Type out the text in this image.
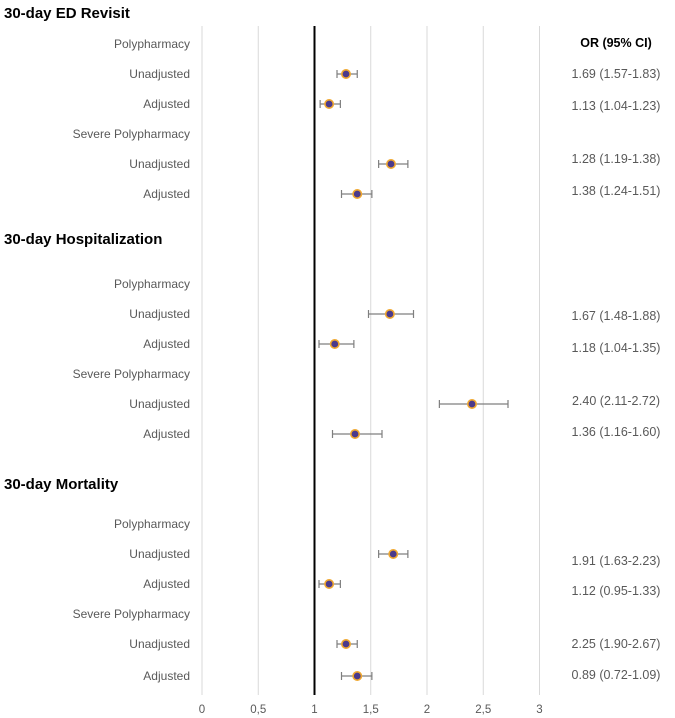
0	0,5	1	1,5	2	2,5	3
OR (95% CI)
30-day ED Revisit
Polypharmacy
Unadjusted	1.69 (1.57-1.83)
Adjusted	1.13 (1.04-1.23)
Severe Polypharmacy
Unadjusted	1.28 (1.19-1.38)
Adjusted	1.38 (1.24-1.51)
30-day Hospitalization
Polypharmacy
Unadjusted	1.67 (1.48-1.88)
Adjusted	1.18 (1.04-1.35)
Severe Polypharmacy
Unadjusted	2.40 (2.11-2.72)
Adjusted	1.36 (1.16-1.60)
30-day Mortality
Polypharmacy
Unadjusted	1.91 (1.63-2.23)
Adjusted	1.12 (0.95-1.33)
Severe Polypharmacy
Unadjusted	2.25 (1.90-2.67)
Adjusted	0.89 (0.72-1.09)
